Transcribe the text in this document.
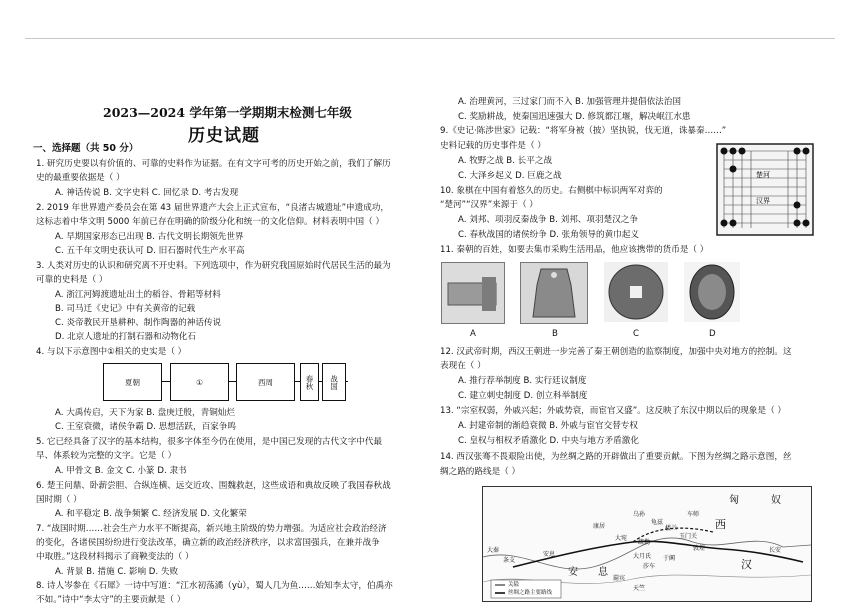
2023—2024 学年第一学期期末检测七年级
历史试题
一、选择题（共 50 分）
1. 研究历史要以有价值的、可靠的史料作为证据。在有文字可考的历史开始之前，我们了解历
史的最重要依据是（ ）
A. 神话传说 B. 文字史料 C. 回忆录 D. 考古发现
2. 2019 年世界遗产委员会在第 43 届世界遗产大会上正式宣布，“良渚古城遗址”申遗成功，
这标志着中华文明 5000 年前已存在明确的阶级分化和统一的文化信仰。材料表明中国（ ）
A. 早期国家形态已出现 B. 古代文明长期领先世界
C. 五千年文明史获认可 D. 旧石器时代生产水平高
3. 人类对历史的认识和研究离不开史料。下列选项中，作为研究我国原始时代居民生活的最为
可靠的史料是（ ）
A. 浙江河姆渡遗址出土的稻谷、骨耜等材料
B. 司马迁《史记》中有关黄帝的记载
C. 炎帝教民开垦耕种、制作陶器的神话传说
D. 北京人遗址的打制石器和动物化石
4. 与以下示意图中①相关的史实是（ ）
夏朝	①	西周	春秋	战国
A. 大禹传启，天下为家 B. 盘庚迁殷，青铜灿烂
C. 王室衰微，诸侯争霸 D. 思想活跃，百家争鸣
5. 它已经具备了汉字的基本结构，很多字体至今仍在使用，是中国已发现的古代文字中代最
早、体系较为完整的文字。它是（ ）
A. 甲骨文 B. 金文 C. 小篆 D. 隶书
6. 楚王问鼎、卧薪尝胆、合纵连横、远交近攻、围魏救赵，这些成语和典故反映了我国春秋战
国时期（ ）
A. 和平稳定 B. 战争频繁 C. 经济发展 D. 文化繁荣
7. “战国时期……社会生产力水平不断提高，新兴地主阶级的势力增强。为适应社会政治经济
的变化，各诸侯国纷纷进行变法改革，确立新的政治经济秩序，以求富国强兵，在兼并战争
中取胜。”这段材料揭示了商鞅变法的（ ）
A. 背景 B. 措施 C. 影响 D. 失败
8. 诗人岑参在《石犀》一诗中写道：“江水初荡潏（yù），蜀人几为鱼……始知李太守，伯禹亦
不如。”诗中“李太守”的主要贡献是（ ）
A. 治理黄河，三过家门而不入 B. 加强管理并提倡依法治国
C. 奖励耕战，使秦国迅速强大 D. 修筑都江堰，解决岷江水患
9.《史记·陈涉世家》记载：“将军身被（披）坚执锐，伐无道，诛暴秦……”
史料记载的历史事件是（ ）
A. 牧野之战 B. 长平之战
C. 大泽乡起义 D. 巨鹿之战
10. 象棋在中国有着悠久的历史。右侧棋中标识两军对弈的
“楚河”“汉界”来源于（ ）
A. 刘邦、项羽反秦战争 B. 刘邦、项羽楚汉之争
C. 春秋战国的诸侯纷争 D. 张角领导的黄巾起义
11. 秦朝的百姓，如要去集市采购生活用品，他应该携带的货币是（ ）
楚河
汉界
A	B	C	D
12. 汉武帝时期，西汉王朝进一步完善了秦王朝创造的监察制度，加强中央对地方的控制。这
表现在（ ）
A. 推行荐举制度 B. 实行廷议制度
C. 建立刺史制度 D. 创立科举制度
13. “宗室权弱，外戚兴起；外戚势衰，而宦官又盛”。这反映了东汉中期以后的现象是（ ）
A. 封建帝制的渐趋衰微 B. 外戚与宦官交替专权
C. 皇权与相权矛盾激化 D. 中央与地方矛盾激化
14. 西汉张骞不畏艰险出使，为丝绸之路的开辟做出了重要贡献。下图为丝绸之路示意图，丝
绸之路的路线是（ ）
匈	奴
西
汉
安 息
长安
玉门关
楼兰
敦煌
大月氏
康居
大宛
于阗
疏勒
龟兹
车师
乌孙
莎车
罽宾
条支
安息
大秦
天竺
关隘
丝绸之路主要路线
